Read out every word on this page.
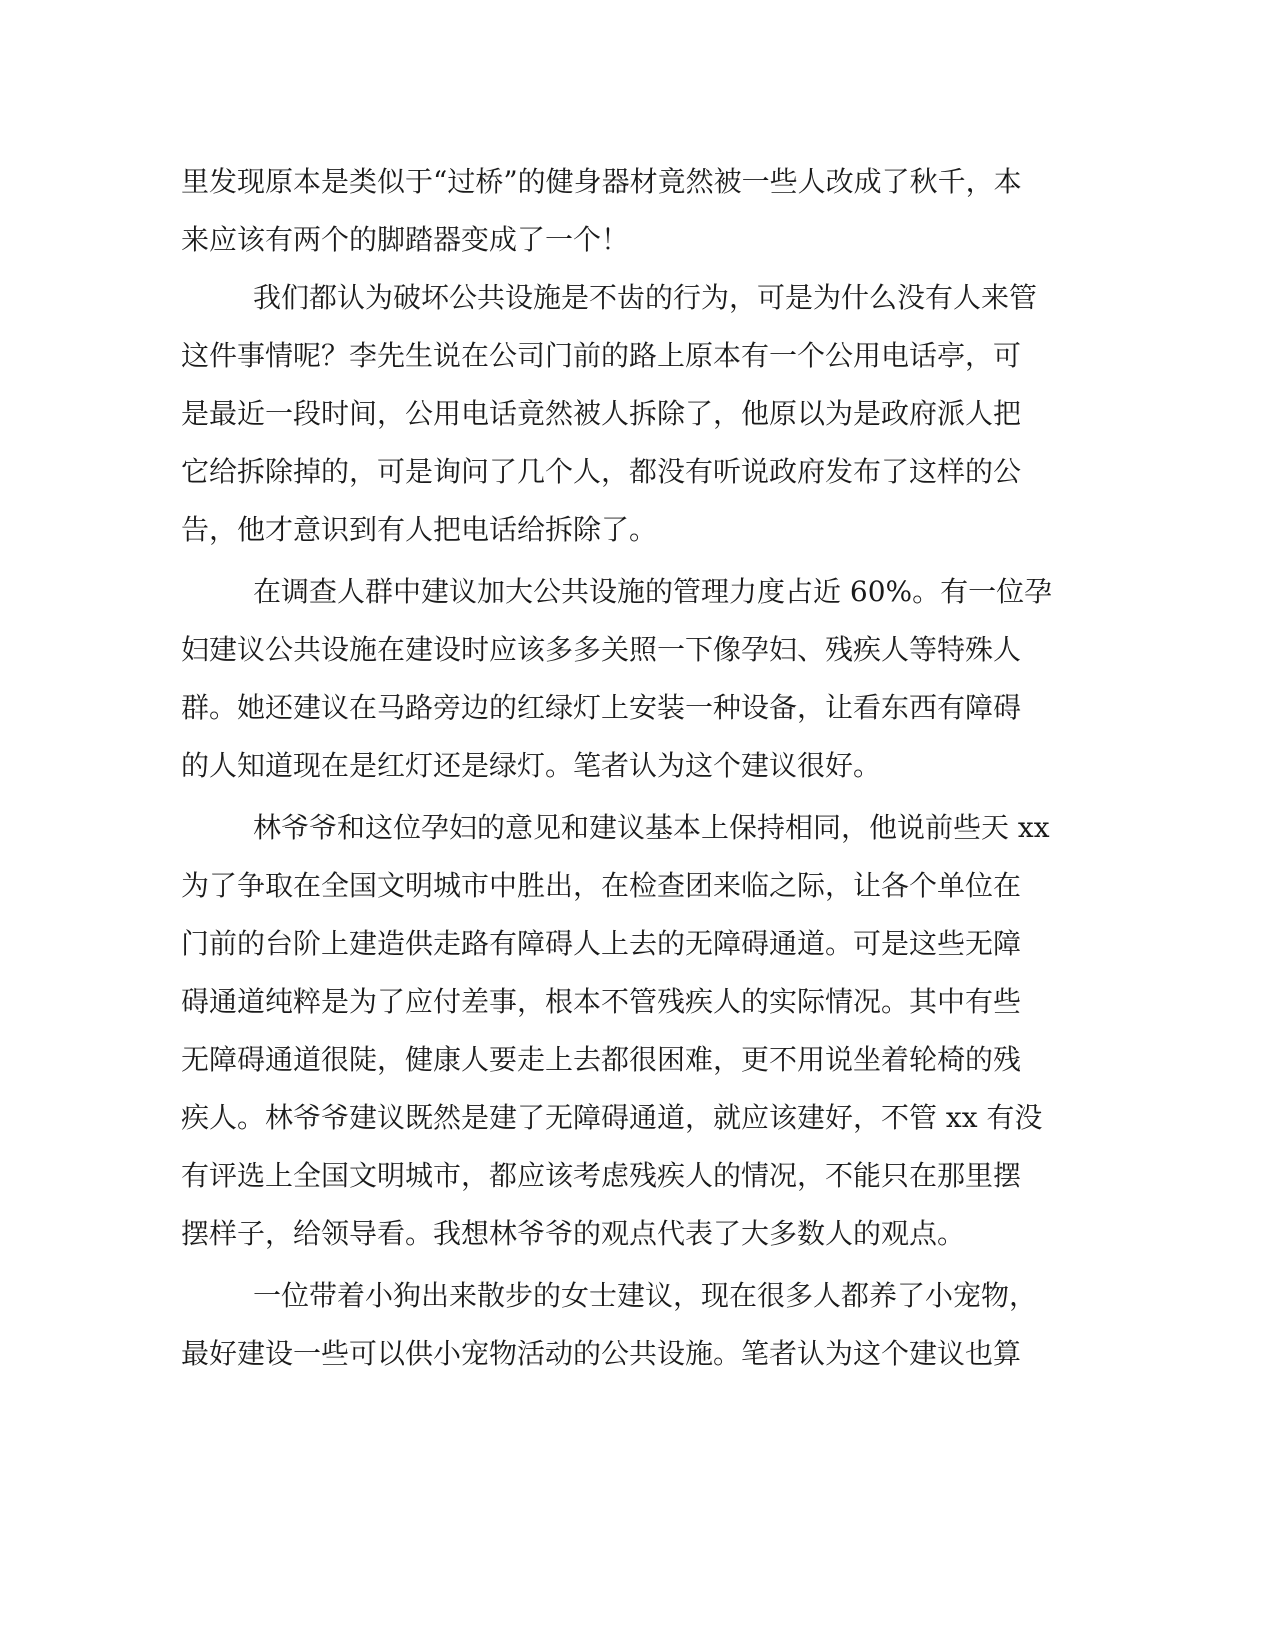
里发现原本是类似于“过桥”的健身器材竟然被一些人改成了秋千，本
来应该有两个的脚踏器变成了一个！
我们都认为破坏公共设施是不齿的行为，可是为什么没有人来管
这件事情呢？李先生说在公司门前的路上原本有一个公用电话亭，可
是最近一段时间，公用电话竟然被人拆除了，他原以为是政府派人把
它给拆除掉的，可是询问了几个人，都没有听说政府发布了这样的公
告，他才意识到有人把电话给拆除了。
在调查人群中建议加大公共设施的管理力度占近 60%。有一位孕
妇建议公共设施在建设时应该多多关照一下像孕妇、残疾人等特殊人
群。她还建议在马路旁边的红绿灯上安装一种设备，让看东西有障碍
的人知道现在是红灯还是绿灯。笔者认为这个建议很好。
林爷爷和这位孕妇的意见和建议基本上保持相同，他说前些天 xx
为了争取在全国文明城市中胜出，在检查团来临之际，让各个单位在
门前的台阶上建造供走路有障碍人上去的无障碍通道。可是这些无障
碍通道纯粹是为了应付差事，根本不管残疾人的实际情况。其中有些
无障碍通道很陡，健康人要走上去都很困难，更不用说坐着轮椅的残
疾人。林爷爷建议既然是建了无障碍通道，就应该建好，不管 xx 有没
有评选上全国文明城市，都应该考虑残疾人的情况，不能只在那里摆
摆样子，给领导看。我想林爷爷的观点代表了大多数人的观点。
一位带着小狗出来散步的女士建议，现在很多人都养了小宠物，
最好建设一些可以供小宠物活动的公共设施。笔者认为这个建议也算
